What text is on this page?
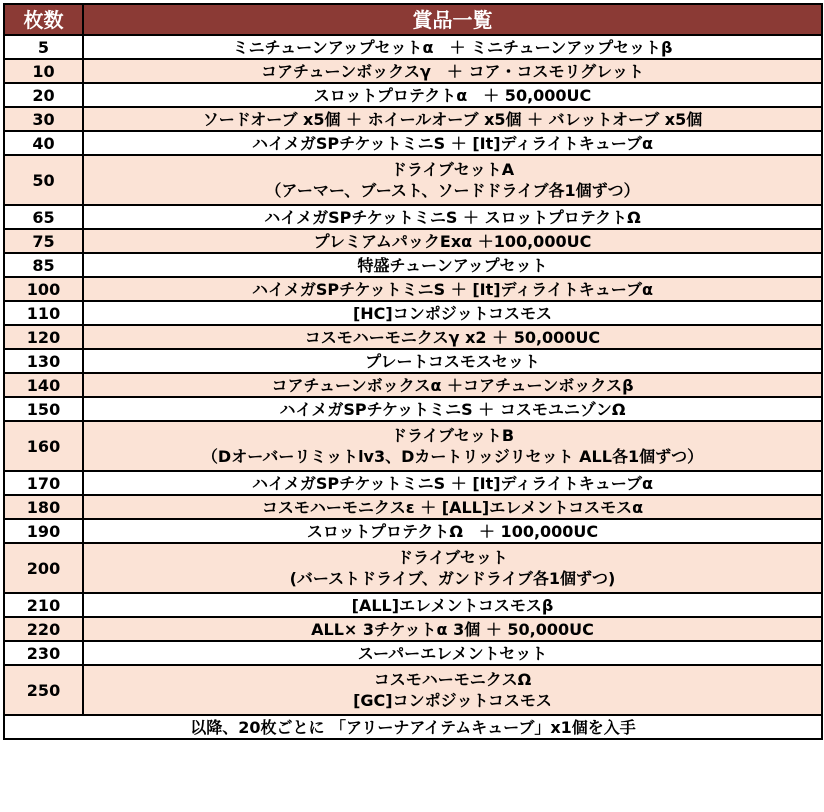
枚数	賞品一覧
5	ミニチューンアップセットα　＋ ミニチューンアップセットβ

10	コアチューンボックスγ　＋ コア・コスモリグレット

20	スロットプロテクトα　＋ 50,000UC

30	ソードオーブ x5個 ＋ ホイールオーブ x5個 ＋ バレットオーブ x5個

40	ハイメガSPチケットミニS ＋ [It]ディライトキューブα

50	ドライブセットA
（アーマー、ブースト、ソードドライブ各1個ずつ）

65	ハイメガSPチケットミニS ＋ スロットプロテクトΩ

75	プレミアムパックExα ＋100,000UC

85	特盛チューンアップセット

100	ハイメガSPチケットミニS ＋ [It]ディライトキューブα

110	[HC]コンポジットコスモス

120	コスモハーモニクスγ x2 ＋ 50,000UC

130	プレートコスモスセット

140	コアチューンボックスα ＋コアチューンボックスβ

150	ハイメガSPチケットミニS ＋ コスモユニゾンΩ

160	ドライブセットB
（Dオーバーリミットlv3、Dカートリッジリセット ALL各1個ずつ）

170	ハイメガSPチケットミニS ＋ [It]ディライトキューブα

180	コスモハーモニクスε ＋ [ALL]エレメントコスモスα

190	スロットプロテクトΩ　＋ 100,000UC

200	ドライブセット
(バーストドライブ、ガンドライブ各1個ずつ)

210	[ALL]エレメントコスモスβ

220	ALL× 3チケットα 3個 ＋ 50,000UC

230	スーパーエレメントセット

250	コスモハーモニクスΩ
[GC]コンポジットコスモス

以降、20枚ごとに 「アリーナアイテムキューブ」x1個を入手	
